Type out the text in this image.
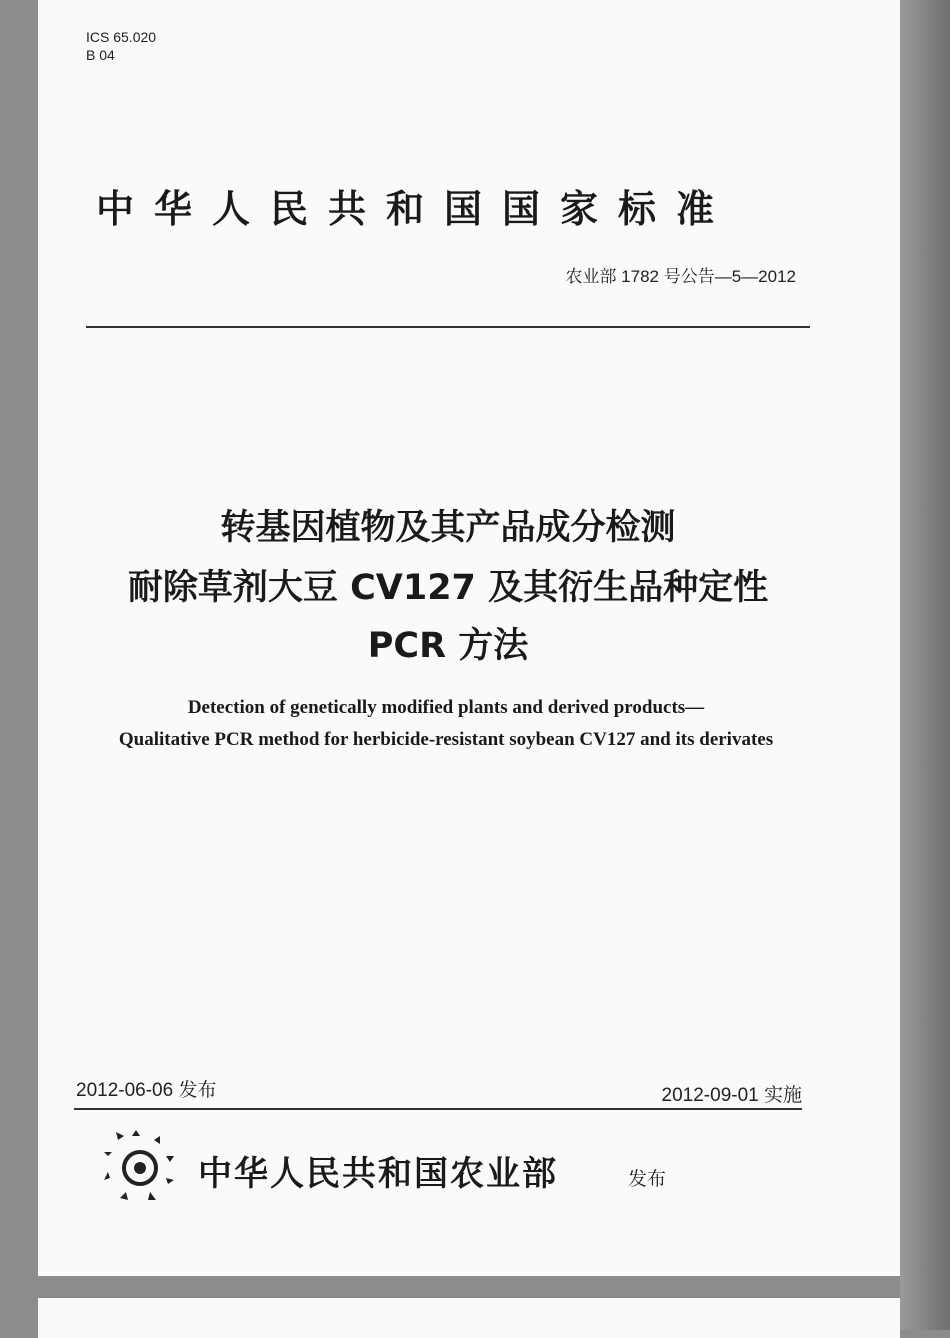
ICS 65.020
B 04
中华人民共和国国家标准
农业部 1782 号公告—5—2012
转基因植物及其产品成分检测
耐除草剂大豆 CV127 及其衍生品种定性
PCR 方法
Detection of genetically modified plants and derived products—
Qualitative PCR method for herbicide-resistant soybean CV127 and its derivates
2012-06-06 发布	2012-09-01 实施
中华人民共和国农业部	发布
